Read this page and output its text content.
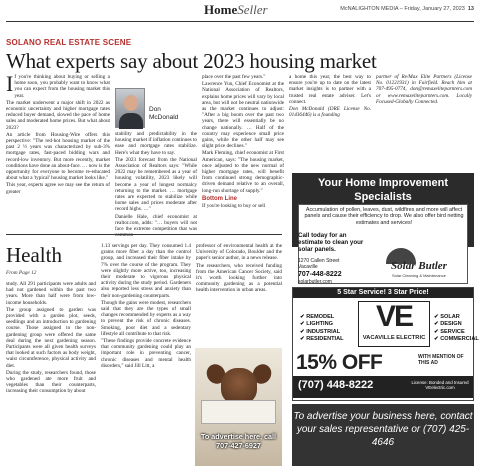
HomeSeller	McNALIGHTON MEDIA – Friday, January 27, 2023 13
SOLANO REAL ESTATE SCENE
What experts say about 2023 housing market

If you're thinking about buying or selling a home soon, you probably want to know what you can expect from the housing market this year.

The market underwent a major shift in 2022 as economic uncertainty and higher mortgage rates reduced buyer demand, slowed the pace of home sales and moderated home prices. But what about 2023?

An article from Housing-Wire offers this perspective: "The red-hot housing market of the past 2 ½ years was characterized by sub-3% mortgage rates, fast-paced bidding wars and record-low inventory. But more recently, market conditions have done an about-face. … now is the opportunity for everyone to become re-educated about what a 'typical' housing market looks like."

This year, experts agree we may see the return of greater

Don
McDonald

stability and predictability in the housing market if inflation continues to ease and mortgage rates stabilize. Here's what they have to say.

The 2023 forecast from the National Association of Realtors says: "While 2022 may be remembered as a year of housing volatility, 2023 likely will become a year of longest normalcy returning to the market. … mortgage rates are expected to stabilize while home sales and prices moderate after record highs. …"

Danielle Hale, chief economist at realtor.com, adds: "… buyers will not face the extreme competition that was common

place over the past few years."

Lawrence Yun, Chief Economist at the National Association of Realtors, explains home prices will vary by local area, but will not be neutral nationwide as the market continues to adjust: "After a big boom over the past two years, there will essentially be no change nationally. … Half of the country may experience small price gains, while the other half may see slight price declines."

Mark Fleming, chief economist at First American, says: "The housing market, once adjusted to the new normal of higher mortgage rates, will benefit from continued strong demographic-driven demand relative to an overall, long-run shortage of supply."

Bottom Line

If you're looking to buy or sell

a home this year, the best way to ensure you're up to date on the latest market insights is to partner with a trusted real estate adviser. Let's connect.

Don McDonald (DRE License No. 01436446) is a founding

partner of Re/Max Elite Partners (License No. 01221931) in Fairfield. Reach him at 707-495-0774, don@remaxeliteparnters.com or www.remaxeliteparnters.com. Locally Focused-Globally Connected.

Health
From Page 12

study. All 291 participants were adults and had not gardened within the past two years. More than half were from low-income households.

The group assigned to garden was provided with a garden plot, seeds, seedlings and an introduction to gardening course. Those assigned to the non-gardening group were offered the same deal during the next gardening season. Participants were all given health surveys that looked at such factors as body weight, waist circumference, physical activity and diet.

During the study, researchers found, those who gardened ate more fruit and vegetables than their counterparts, increasing their consumption by about

1.13 servings per day. They consumed 1.4 grams more fiber a day than the control group, and increased their fiber intake by 7% over the course of the program. They were slightly more active, too, increasing their moderate to vigorous physical activity during the study period. Gardeners also reported less stress and anxiety than their non-gardening counterparts.

Though the gains were modest, researchers said that they are the types of small changes recommended by experts as a way to prevent the risk of chronic diseases. Smoking, poor diet and a sedentary lifestyle all contribute to that risk.

"These findings provide concrete evidence that community gardening could play an important role in preventing cancer, chronic diseases and mental health disorders," said Jill Litt, a

professor of environmental health at the University of Colorado, Boulder and the paper's senior author, in a news release.

The researchers, who received funding from the American Cancer Society, said it's worth looking further into community gardening as a potential health intervention in urban areas.

To advertise here, call 707-427-6927
Your Home Improvement Specialists
Accumulation of pollen, leaves, dust, wildfires and more will affect panels and cause their efficiency to drop. We also offer bird netting estimates and services!
Call today for an estimate to clean your solar panels.
1270 Callen Street
Vacaville
707-448-8222
solarbutler.com
Solar Butler
Solar Cleaning & Maintenance
5 Star Service! 3 Star Price!
✔ REMODEL
✔ LIGHTING
✔ INDUSTRIAL
✔ RESIDENTIAL
VE
VACAVILLE ELECTRIC
✔ SOLAR
✔ DESIGN
✔ SERVICE
✔ COMMERCIAL
15% OFF	WITH MENTION OF THIS AD
(707) 448-8222	License: Bonded and Insured VEelectric.com
To advertise your business here, contact your sales representative or (707) 425-4646
